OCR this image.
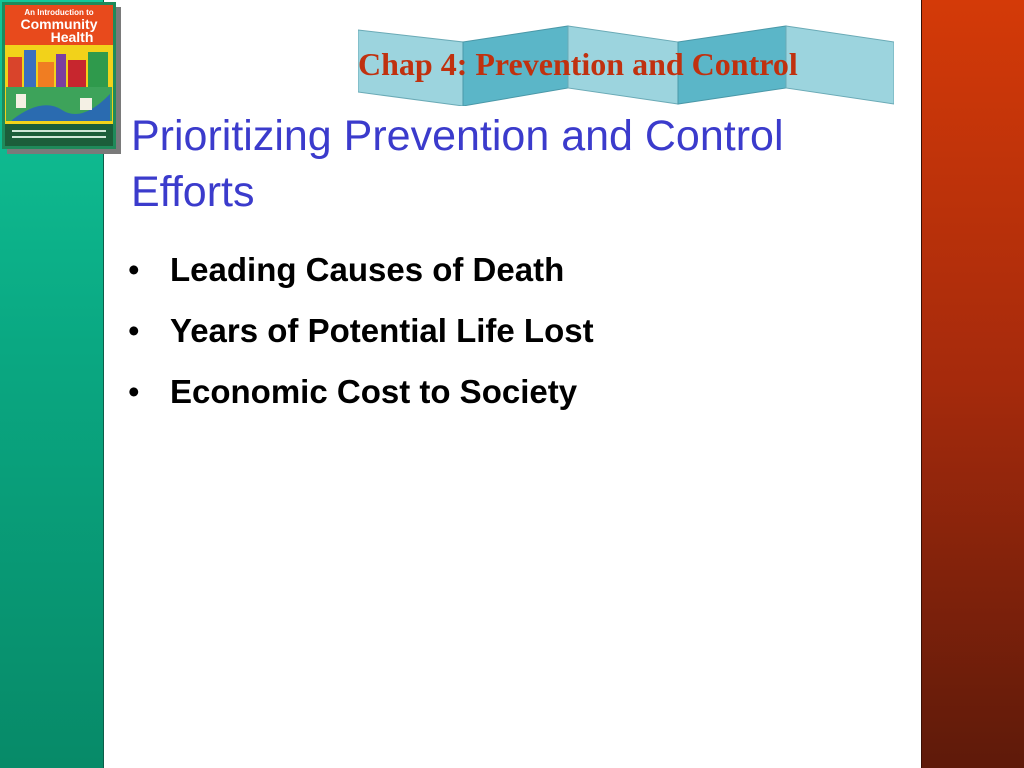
An Introduction to
Community
Health

Chap 4: Prevention and Control

Prioritizing Prevention and Control Efforts
• Leading Causes of Death
• Years of Potential Life Lost
• Economic Cost to Society
